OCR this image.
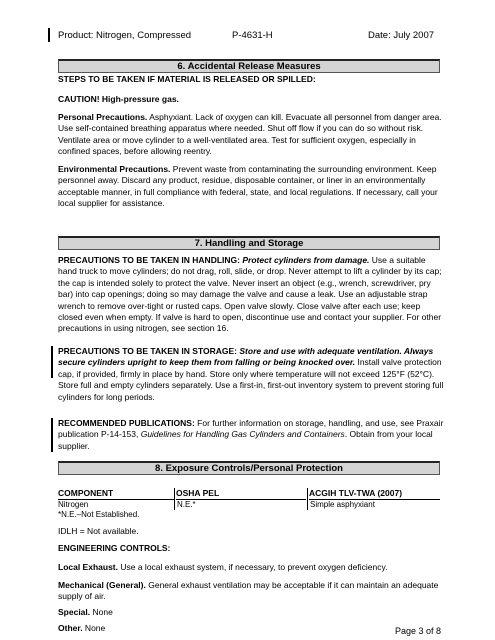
Product: Nitrogen, Compressed	P-4631-H	Date: July 2007
6. Accidental Release Measures
STEPS TO BE TAKEN IF MATERIAL IS RELEASED OR SPILLED:
CAUTION! High-pressure gas.
Personal Precautions. Asphyxiant. Lack of oxygen can kill. Evacuate all personnel from danger area. Use self-contained breathing apparatus where needed. Shut off flow if you can do so without risk. Ventilate area or move cylinder to a well-ventilated area. Test for sufficient oxygen, especially in confined spaces, before allowing reentry.
Environmental Precautions. Prevent waste from contaminating the surrounding environment. Keep personnel away. Discard any product, residue, disposable container, or liner in an environmentally acceptable manner, in full compliance with federal, state, and local regulations. If necessary, call your local supplier for assistance.
7. Handling and Storage
PRECAUTIONS TO BE TAKEN IN HANDLING: Protect cylinders from damage. Use a suitable hand truck to move cylinders; do not drag, roll, slide, or drop. Never attempt to lift a cylinder by its cap; the cap is intended solely to protect the valve. Never insert an object (e.g., wrench, screwdriver, pry bar) into cap openings; doing so may damage the valve and cause a leak. Use an adjustable strap wrench to remove over-tight or rusted caps. Open valve slowly. Close valve after each use; keep closed even when empty. If valve is hard to open, discontinue use and contact your supplier. For other precautions in using nitrogen, see section 16.
PRECAUTIONS TO BE TAKEN IN STORAGE: Store and use with adequate ventilation. Always secure cylinders upright to keep them from falling or being knocked over. Install valve protection cap, if provided, firmly in place by hand. Store only where temperature will not exceed 125°F (52°C). Store full and empty cylinders separately. Use a first-in, first-out inventory system to prevent storing full cylinders for long periods.
RECOMMENDED PUBLICATIONS: For further information on storage, handling, and use, see Praxair publication P-14-153, Guidelines for Handling Gas Cylinders and Containers. Obtain from your local supplier.
8. Exposure Controls/Personal Protection
COMPONENT	OSHA PEL	ACGIH TLV-TWA (2007)
Nitrogen	N.E.*	Simple asphyxiant
*N.E.–Not Established.
IDLH = Not available.
ENGINEERING CONTROLS:
Local Exhaust. Use a local exhaust system, if necessary, to prevent oxygen deficiency.
Mechanical (General). General exhaust ventilation may be acceptable if it can maintain an adequate supply of air.
Special. None
Other. None	Page 3 of 8
